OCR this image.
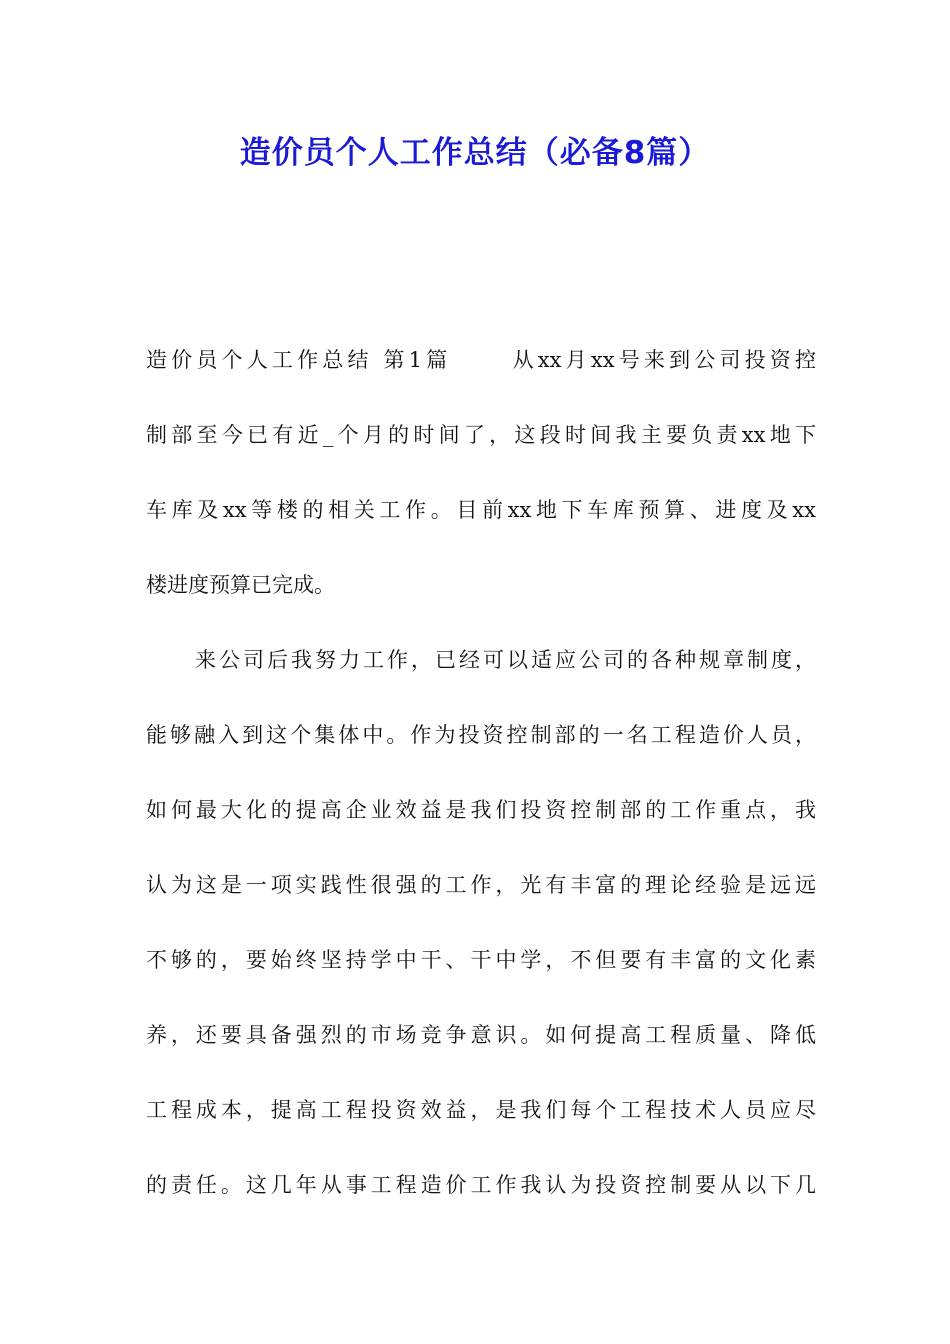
造价员个人工作总结（必备8篇）
造价员个人工作总结 第1篇　　 从xx月xx号来到公司投资控
制部至今已有近_个月的时间了，这段时间我主要负责xx地下
车库及xx等楼的相关工作。目前xx地下车库预算、进度及xx
楼进度预算已完成。
来公司后我努力工作，已经可以适应公司的各种规章制度，
能够融入到这个集体中。作为投资控制部的一名工程造价人员，
如何最大化的提高企业效益是我们投资控制部的工作重点，我
认为这是一项实践性很强的工作，光有丰富的理论经验是远远
不够的，要始终坚持学中干、干中学，不但要有丰富的文化素
养，还要具备强烈的市场竞争意识。如何提高工程质量、降低
工程成本，提高工程投资效益，是我们每个工程技术人员应尽
的责任。这几年从事工程造价工作我认为投资控制要从以下几
